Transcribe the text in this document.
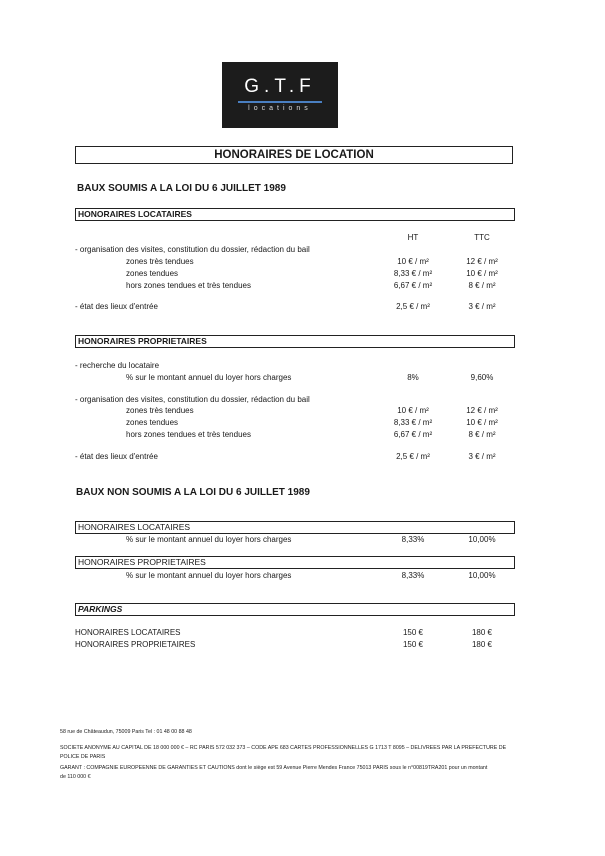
G.T.F
locations
HONORAIRES DE LOCATION
BAUX SOUMIS A LA LOI DU 6 JUILLET 1989
HONORAIRES LOCATAIRES
HT	TTC
- organisation des visites, constitution du dossier, rédaction du bail
zones très tendues	10 € / m²	12 € / m²
zones tendues	8,33 € / m²	10 € / m²
hors zones tendues et très tendues	6,67 € / m²	8 € / m²
- état des lieux d'entrée	2,5 € / m²	3 € / m²
HONORAIRES PROPRIETAIRES
- recherche du locataire
% sur le montant annuel du loyer hors charges	8%	9,60%
- organisation des visites, constitution du dossier, rédaction du bail
zones très tendues	10 € / m²	12 € / m²
zones tendues	8,33 € / m²	10 € / m²
hors zones tendues et très tendues	6,67 € / m²	8 € / m²
- état des lieux d'entrée	2,5 € / m²	3 € / m²
BAUX NON SOUMIS A LA LOI DU 6 JUILLET 1989
HONORAIRES LOCATAIRES
% sur le montant annuel du loyer hors charges	8,33%	10,00%
HONORAIRES PROPRIETAIRES
% sur le montant annuel du loyer hors charges	8,33%	10,00%
PARKINGS
HONORAIRES LOCATAIRES	150 €	180 €
HONORAIRES PROPRIETAIRES	150 €	180 €
58 rue de Châteaudun, 75009 Paris Tel : 01 48 00 88 48
SOCIETE ANONYME AU CAPITAL DE 18 000 000 € – RC PARIS 572 032 373 – CODE APE 683 CARTES PROFESSIONNELLES G 1713 T 8095 – DELIVREES PAR LA PREFECTURE DE
POLICE DE PARIS
GARANT : COMPAGNIE EUROPEENNE DE GARANTIES ET CAUTIONS dont le siège est 59 Avenue Pierre Mendes France 75013 PARIS sous le n°00819TRA201 pour un montant
de 110 000 €
